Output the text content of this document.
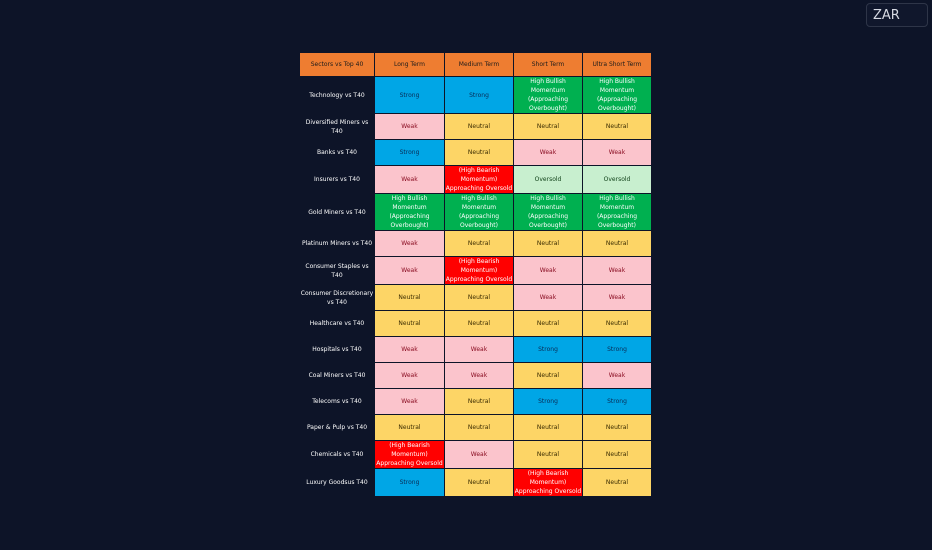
ZAR
Sectors vs Top 40	Long Term	Medium Term	Short Term	Ultra Short Term
Technology vs T40	Strong	Strong	High Bullish Momentum (Approaching Overbought)	High Bullish Momentum (Approaching Overbought)
Diversified Miners vs T40	Weak	Neutral	Neutral	Neutral
Banks vs T40	Strong	Neutral	Weak	Weak
Insurers vs T40	Weak	(High Bearish Momentum) Approaching Oversold	Oversold	Oversold
Gold Miners vs T40	High Bullish Momentum (Approaching Overbought)	High Bullish Momentum (Approaching Overbought)	High Bullish Momentum (Approaching Overbought)	High Bullish Momentum (Approaching Overbought)
Platinum Miners vs T40	Weak	Neutral	Neutral	Neutral
Consumer Staples vs T40	Weak	(High Bearish Momentum) Approaching Oversold	Weak	Weak
Consumer Discretionary vs T40	Neutral	Neutral	Weak	Weak
Healthcare vs T40	Neutral	Neutral	Neutral	Neutral
Hospitals vs T40	Weak	Weak	Strong	Strong
Coal Miners vs T40	Weak	Weak	Neutral	Weak
Telecoms vs T40	Weak	Neutral	Strong	Strong
Paper & Pulp vs T40	Neutral	Neutral	Neutral	Neutral
Chemicals vs T40	(High Bearish Momentum) Approaching Oversold	Weak	Neutral	Neutral
Luxury Goodsus T40	Strong	Neutral	(High Bearish Momentum) Approaching Oversold	Neutral
